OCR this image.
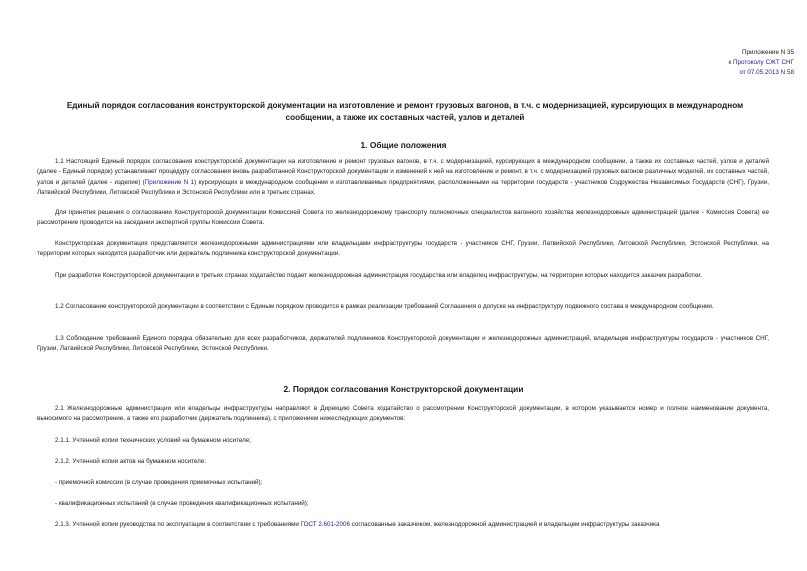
Приложение N 35
к Протоколу СЖТ СНГ
от 07.05.2013 N 58
Единый порядок согласования конструкторской документации на изготовление и ремонт грузовых вагонов, в т.ч. с модернизацией, курсирующих в международном сообщении, а также их составных частей, узлов и деталей
1. Общие положения

1.1 Настоящий Единый порядок согласования конструкторской документации на изготовление и ремонт грузовых вагонов, в т.ч. с модернизацией, курсирующих в международном сообщении, а также их составных частей, узлов и деталей (далее - Единый порядок) устанавливает процедуру согласования вновь разработанной Конструкторской документации и изменений к ней на изготовление и ремонт, в т.ч. с модернизацией грузовых вагонов различных моделей, их составных частей, узлов и деталей (далее - изделие) (Приложение N 1) курсирующих в международном сообщении и изготавливаемых предприятиями, расположенными на территории государств - участников Содружества Независимых Государств (СНГ), Грузии, Латвийской Республики, Литовской Республики и Эстонской Республики или в третьих странах.

Для принятия решения о согласовании Конструкторской документации Комиссией Совета по железнодорожному транспорту полномочных специалистов вагонного хозяйства железнодорожных администраций (далее - Комиссия Совета) ее рассмотрение проводится на заседании экспертной группы Комиссии Совета.

Конструкторская документация представляется железнодорожными администрациями или владельцами инфраструктуры государств - участников СНГ, Грузии, Латвийской Республики, Литовской Республики, Эстонской Республики, на территории которых находится разработчик или держатель подлинника конструкторской документации.

При разработке Конструкторской документации в третьих странах ходатайство подает железнодорожная администрация государства или владелец инфраструктуры, на территории которых находится заказчик разработки.

1.2 Согласование конструкторской документации в соответствии с Единым порядком проводится в рамках реализации требований Соглашения о допуске на инфраструктуру подвижного состава в международном сообщении.

1.3 Соблюдение требований Единого порядка обязательно для всех разработчиков, держателей подлинников Конструкторской документации и железнодорожных администраций, владельцев инфраструктуры государств - участников СНГ, Грузии, Латвийской Республики, Литовской Республики, Эстонской Республики.

2. Порядок согласования Конструкторской документации

2.1 Железнодорожные администрации или владельцы инфраструктуры направляют в Дирекцию Совета ходатайство о рассмотрении Конструкторской документации, в котором указывается номер и полное наименование документа, выносимого на рассмотрение, а также его разработчик (держатель подлинника), с приложением нижеследующих документов:

2.1.1. Учтенной копии технических условий на бумажном носителе;

2.1.2. Учтенной копии актов на бумажном носителе:

- приемочной комиссии (в случае проведения приемочных испытаний);

- квалификационных испытаний (в случае проведения квалификационных испытаний);

2.1.3. Учтенной копии руководства по эксплуатации в соответствии с требованиями ГОСТ 2.601-2006 согласованные заказчиком, железнодорожной администрацией и владельцем инфраструктуры заказчика
